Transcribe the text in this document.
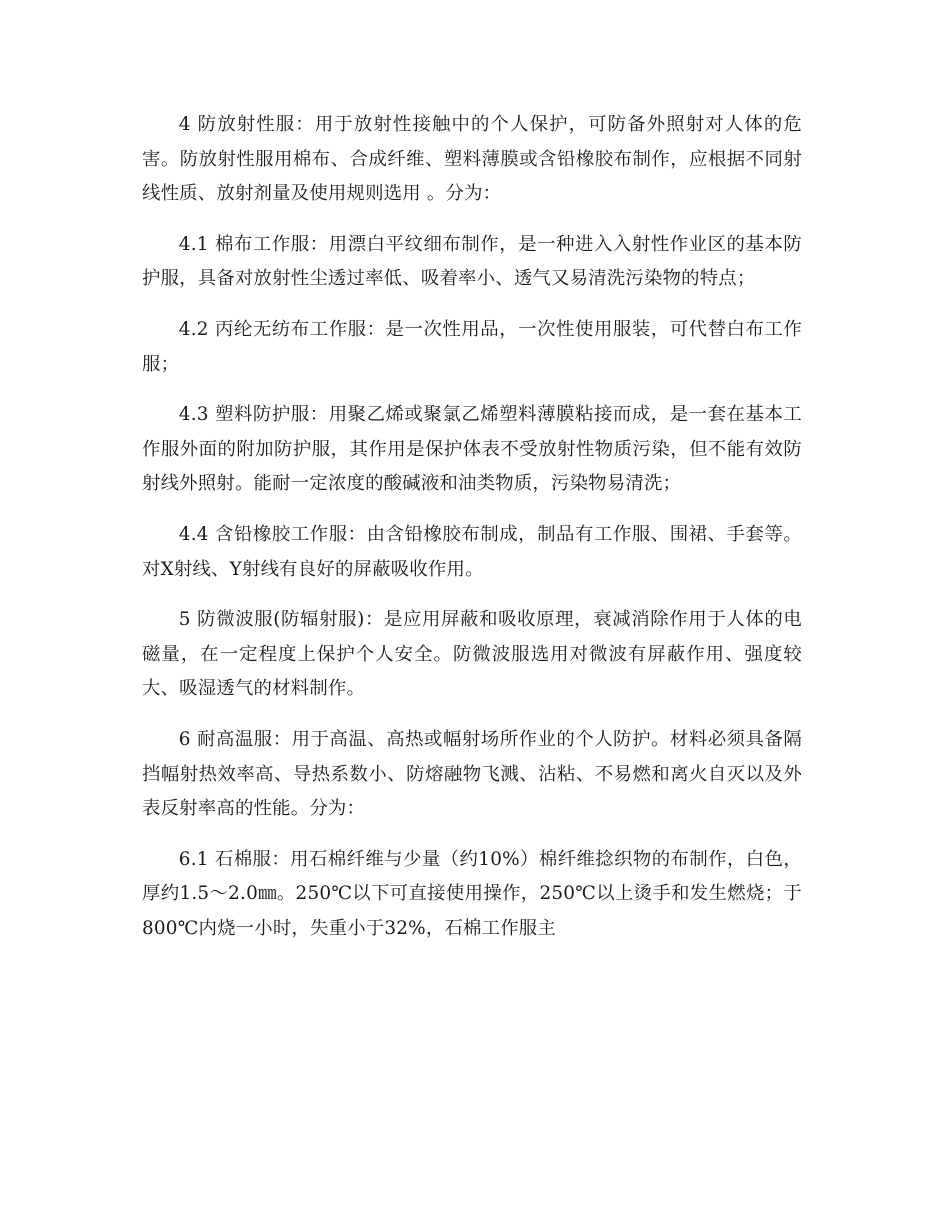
4 防放射性服：用于放射性接触中的个人保护，可防备外照射对人体的危害。防放射性服用棉布、合成纤维、塑料薄膜或含铅橡胶布制作，应根据不同射线性质、放射剂量及使用规则选用 。分为：

4.1 棉布工作服：用漂白平纹细布制作，是一种进入入射性作业区的基本防护服，具备对放射性尘透过率低、吸着率小、透气又易清洗污染物的特点；

4.2 丙纶无纺布工作服：是一次性用品，一次性使用服装，可代替白布工作服；

4.3 塑料防护服：用聚乙烯或聚氯乙烯塑料薄膜粘接而成，是一套在基本工作服外面的附加防护服，其作用是保护体表不受放射性物质污染，但不能有效防射线外照射。能耐一定浓度的酸碱液和油类物质，污染物易清洗；

4.4 含铅橡胶工作服：由含铅橡胶布制成，制品有工作服、围裙、手套等。对X射线、Y射线有良好的屏蔽吸收作用。

5 防微波服(防辐射服)：是应用屏蔽和吸收原理，衰减消除作用于人体的电磁量，在一定程度上保护个人安全。防微波服选用对微波有屏蔽作用、强度较大、吸湿透气的材料制作。

6 耐高温服：用于高温、高热或幅射场所作业的个人防护。材料必须具备隔挡幅射热效率高、导热系数小、防熔融物飞溅、沾粘、不易燃和离火自灭以及外表反射率高的性能。分为：

6.1 石棉服：用石棉纤维与少量（约10%）棉纤维捻织物的布制作，白色，厚约1.5～2.0㎜。250℃以下可直接使用操作，250℃以上烫手和发生燃烧；于800℃内烧一小时，失重小于32%，石棉工作服主
